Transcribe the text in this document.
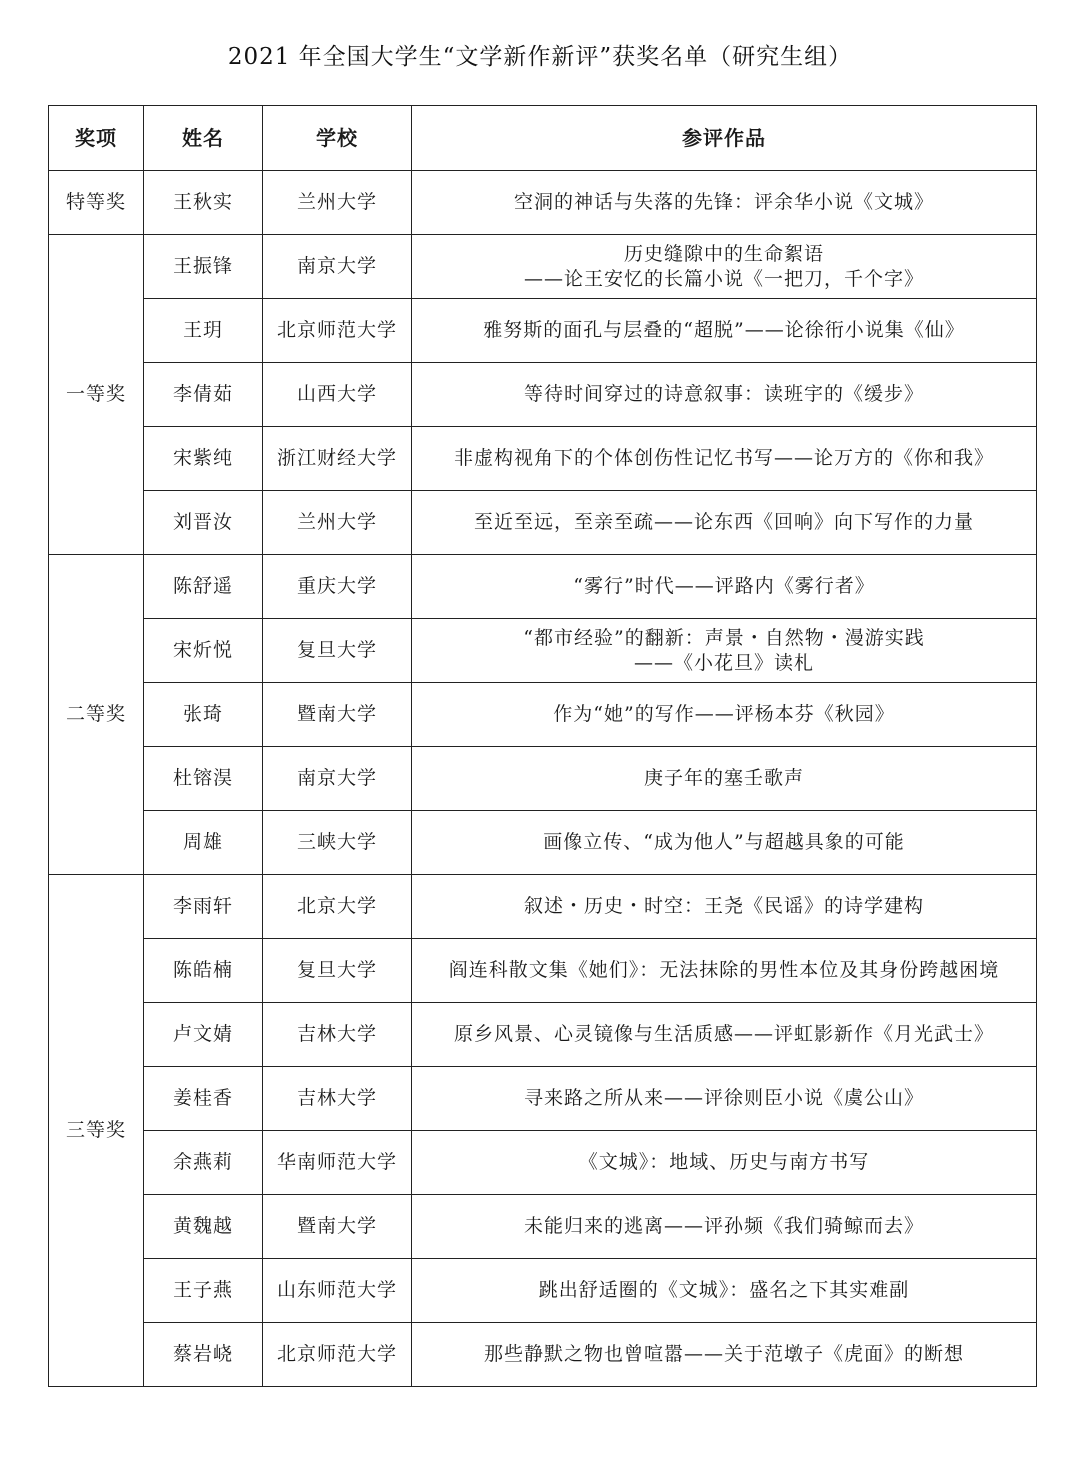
2021 年全国大学生“文学新作新评”获奖名单（研究生组）
奖项	姓名	学校	参评作品
特等奖	王秋实	兰州大学	空洞的神话与失落的先锋：评余华小说《文城》

一等奖	王振锋	南京大学	历史缝隙中的生命絮语
——论王安忆的长篇小说《一把刀，千个字》

	王玥	北京师范大学	雅努斯的面孔与层叠的“超脱”——论徐衎小说集《仙》

	李倩茹	山西大学	等待时间穿过的诗意叙事：读班宇的《缓步》

	宋紫纯	浙江财经大学	非虚构视角下的个体创伤性记忆书写——论万方的《你和我》

	刘晋汝	兰州大学	至近至远，至亲至疏——论东西《回响》向下写作的力量

二等奖	陈舒遥	重庆大学	“雾行”时代——评路内《雾行者》

	宋炘悦	复旦大学	“都市经验”的翻新：声景・自然物・漫游实践
——《小花旦》读札

	张琦	暨南大学	作为“她”的写作——评杨本芬《秋园》

	杜镕淏	南京大学	庚子年的塞壬歌声

	周雄	三峡大学	画像立传、“成为他人”与超越具象的可能

三等奖	李雨轩	北京大学	叙述・历史・时空：王尧《民谣》的诗学建构

	陈皓楠	复旦大学	阎连科散文集《她们》：无法抹除的男性本位及其身份跨越困境

	卢文婧	吉林大学	原乡风景、心灵镜像与生活质感——评虹影新作《月光武士》

	姜桂香	吉林大学	寻来路之所从来——评徐则臣小说《虞公山》

	余燕莉	华南师范大学	《文城》：地域、历史与南方书写

	黄魏越	暨南大学	未能归来的逃离——评孙频《我们骑鲸而去》

	王子燕	山东师范大学	跳出舒适圈的《文城》：盛名之下其实难副

	蔡岩峣	北京师范大学	那些静默之物也曾喧嚣——关于范墩子《虎面》的断想
